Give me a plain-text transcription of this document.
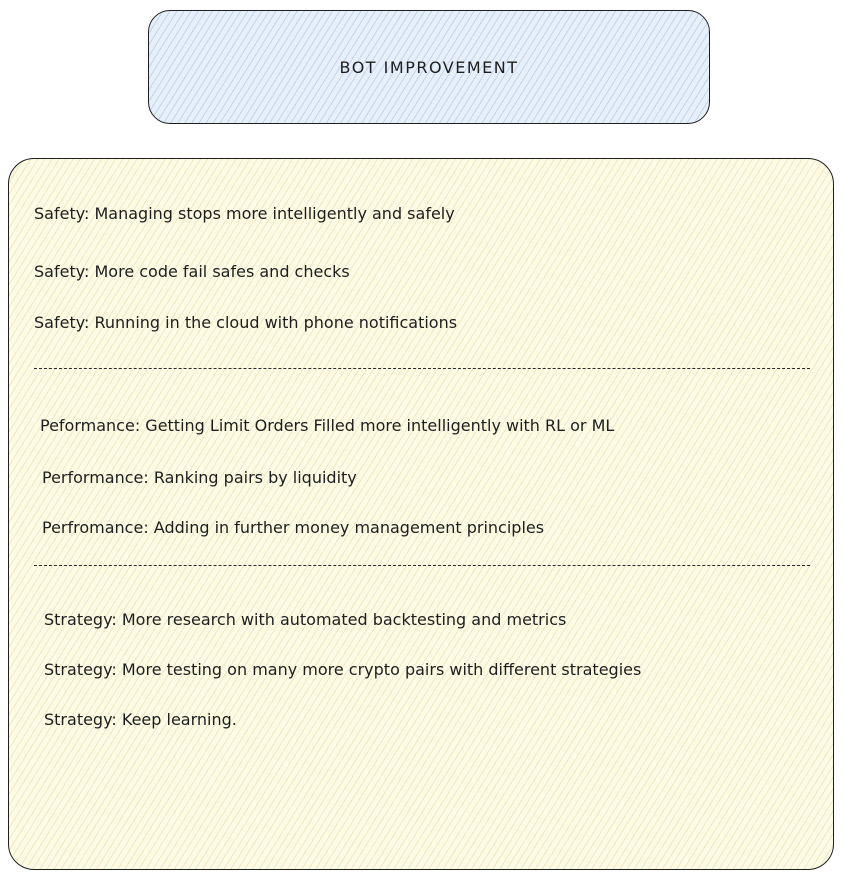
BOT IMPROVEMENT
Safety: Managing stops more intelligently and safely
Safety: More code fail safes and checks
Safety: Running in the cloud with phone notifications
Peformance: Getting Limit Orders Filled more intelligently with RL or ML
Performance: Ranking pairs by liquidity
Perfromance: Adding in further money management principles
Strategy: More research with automated backtesting and metrics
Strategy: More testing on many more crypto pairs with different strategies
Strategy: Keep learning.
